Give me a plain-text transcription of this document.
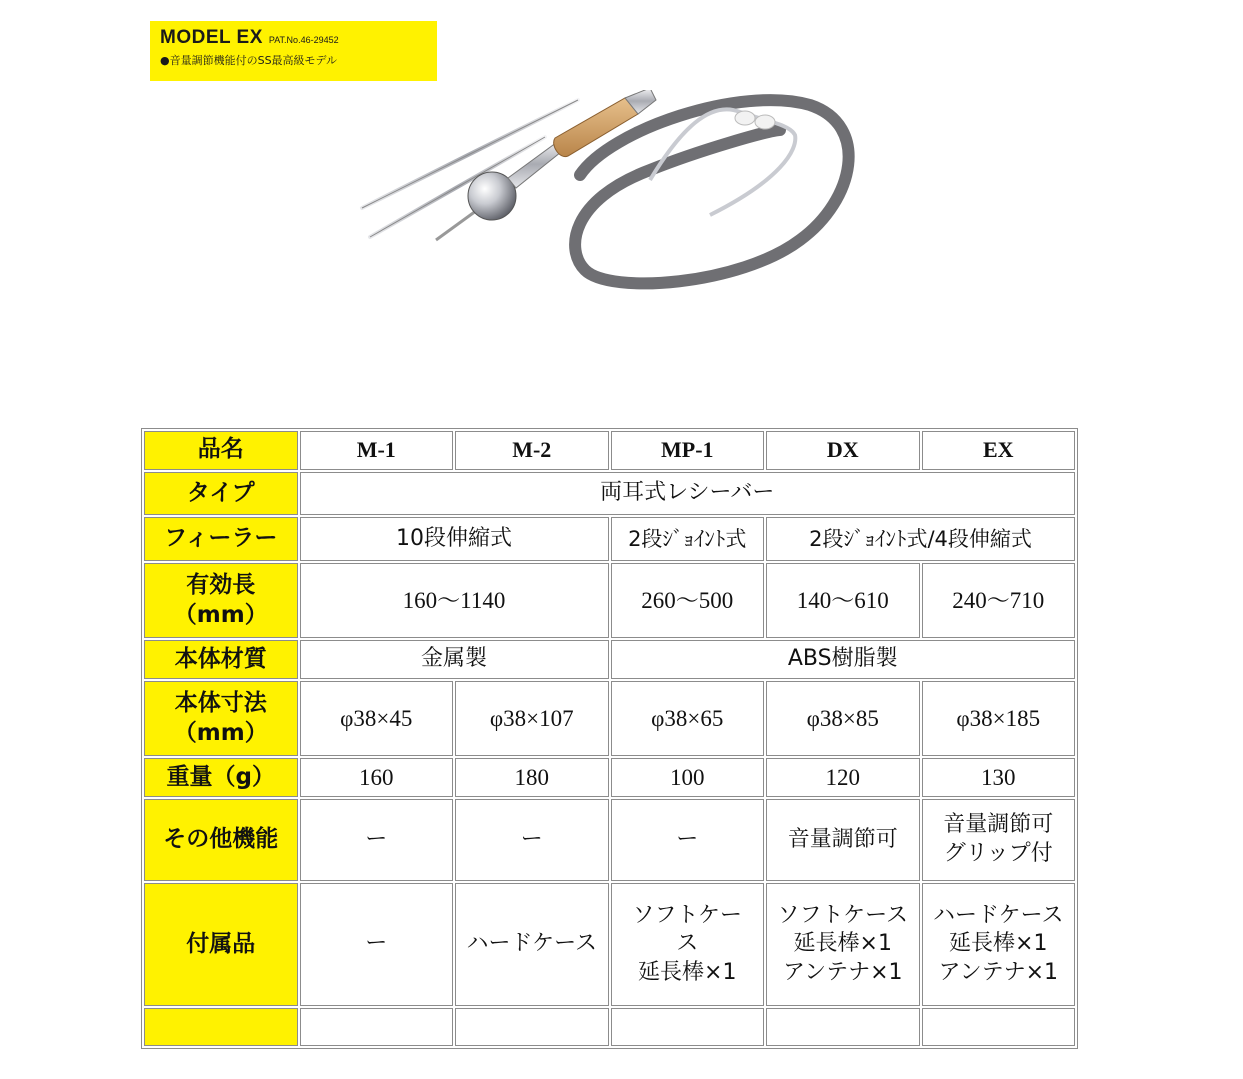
MODEL EX PAT.No.46-29452
●音量調節機能付のSS最高級モデル
品名	M-1	M-2	MP-1	DX	EX
タイプ	両耳式レシーバー				
フィーラー	10段伸縮式		2段ｼﾞｮｲﾝﾄ式	2段ｼﾞｮｲﾝﾄ式/4段伸縮式	

有効長
（mm）	160〜1140		260〜500	140〜610	240〜710
本体材質	金属製		ABS樹脂製		

本体寸法
（mm）	φ38×45	φ38×107	φ38×65	φ38×85	φ38×185
重量（g）	160	180	100	120	130
その他機能	ー	ー	ー	音量調節可	音量調節可
グリップ付

付属品	ー	ハードケース	ソフトケー
ス
延長棒×1	ソフトケース
延長棒×1
アンテナ×1	ハードケース
延長棒×1
アンテナ×1
